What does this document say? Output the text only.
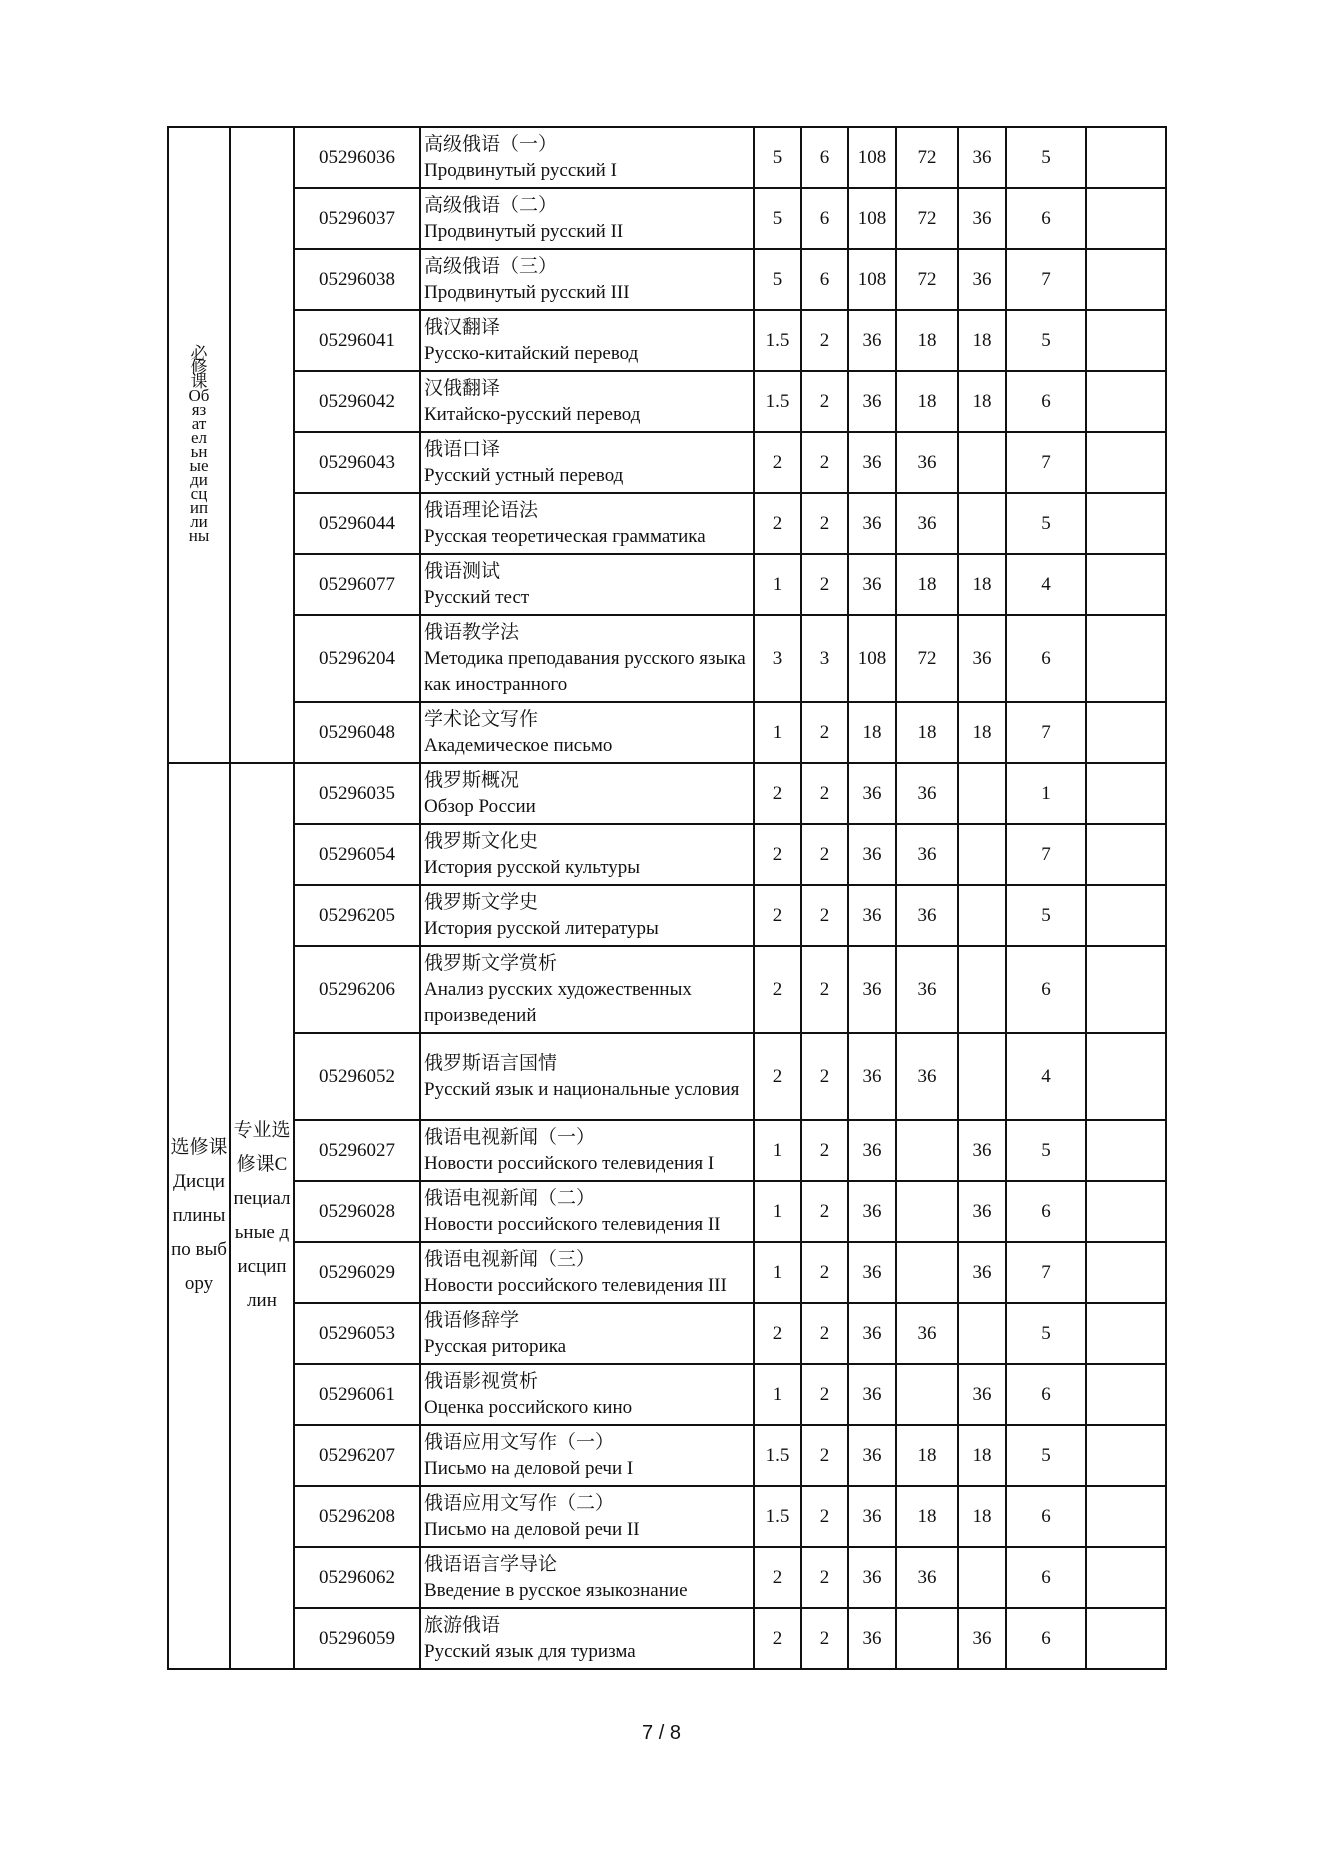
必修课Обязательные дисциплины		05296036	高级俄语（一）
Продвинутый русский I	5	6	108	72	36	5	
		05296037	高级俄语（二）
Продвинутый русский II	5	6	108	72	36	6	
		05296038	高级俄语（三）
Продвинутый русский III	5	6	108	72	36	7	
		05296041	俄汉翻译
Русско-китайский перевод	1.5	2	36	18	18	5	
		05296042	汉俄翻译
Китайско-русский перевод	1.5	2	36	18	18	6	
		05296043	俄语口译
Русский устный перевод	2	2	36	36		7	
		05296044	俄语理论语法
Русская теоретическая грамматика	2	2	36	36		5	
		05296077	俄语测试
Русский тест	1	2	36	18	18	4	
		05296204	俄语教学法
Методика преподавания русского языка как иностранного	3	3	108	72	36	6	
		05296048	学术论文写作
Академическое письмо	1	2	18	18	18	7	

选修课Дисциплины по выбору	专业选修课Специальные дисциплин	05296035	俄罗斯概况
Обзор России	2	2	36	36		1	
		05296054	俄罗斯文化史
История русской культуры	2	2	36	36		7	
		05296205	俄罗斯文学史
История русской литературы	2	2	36	36		5	
		05296206	俄罗斯文学赏析
Анализ русских художественных произведений	2	2	36	36		6	
		05296052	俄罗斯语言国情
Русский язык и национальные условия	2	2	36	36		4	
		05296027	俄语电视新闻（一）
Новости российского телевидения I	1	2	36		36	5	
		05296028	俄语电视新闻（二）
Новости российского телевидения II	1	2	36		36	6	
		05296029	俄语电视新闻（三）
Новости российского телевидения III	1	2	36		36	7	
		05296053	俄语修辞学
Русская риторика	2	2	36	36		5	
		05296061	俄语影视赏析
Оценка российского кино	1	2	36		36	6	
		05296207	俄语应用文写作（一）
Письмо на деловой речи I	1.5	2	36	18	18	5	
		05296208	俄语应用文写作（二）
Письмо на деловой речи II	1.5	2	36	18	18	6	
		05296062	俄语语言学导论
Введение в русское языкознание	2	2	36	36		6	
		05296059	旅游俄语
Русский язык для туризма	2	2	36		36	6	
7 / 8
